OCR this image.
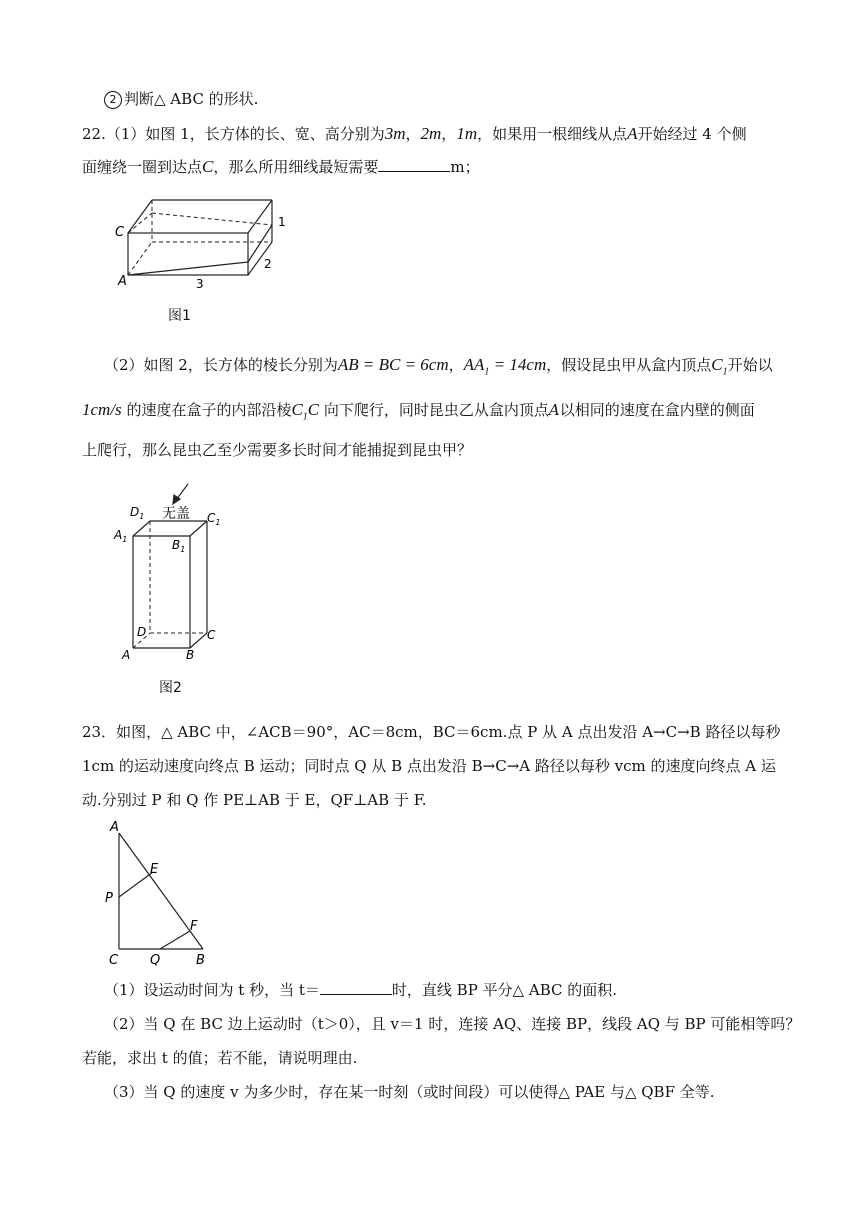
2 判断△ ABC 的形状.
22.（1）如图 1，长方体的长、宽、高分别为3m，2m，1m，如果用一根细线从点A开始经过 4 个侧
面缠绕一圈到达点C，那么所用细线最短需要	m；
C
A	3
2
1
图1
（2）如图 2，长方体的棱长分别为AB = BC = 6cm，$AA_1 = 14cm$，假设昆虫甲从盒内顶点$C_1$开始以
1cm/s 的速度在盒子的内部沿棱$C_1C$ 向下爬行，同时昆虫乙从盒内顶点A以相同的速度在盒内壁的侧面
上爬行，那么昆虫乙至少需要多长时间才能捕捉到昆虫甲？
无盖
$D_1$	$C_1$
$A_1$	$B_1$
D	C
A	B
图2
23．如图，△ ABC 中，∠ACB＝90°，AC＝8cm，BC＝6cm.点 P 从 A 点出发沿 A→C→B 路径以每秒
1cm 的运动速度向终点 B 运动；同时点 Q 从 B 点出发沿 B→C→A 路径以每秒 vcm 的速度向终点 A 运
动.分别过 P 和 Q 作 PE⊥AB 于 E，QF⊥AB 于 F.
A
E
P
F
C Q	B
（1）设运动时间为 t 秒，当 t＝	时，直线 BP 平分△ ABC 的面积.
（2）当 Q 在 BC 边上运动时（t＞0），且 v＝1 时，连接 AQ、连接 BP，线段 AQ 与 BP 可能相等吗？
若能，求出 t 的值；若不能，请说明理由.
（3）当 Q 的速度 v 为多少时，存在某一时刻（或时间段）可以使得△ PAE 与△ QBF 全等.
